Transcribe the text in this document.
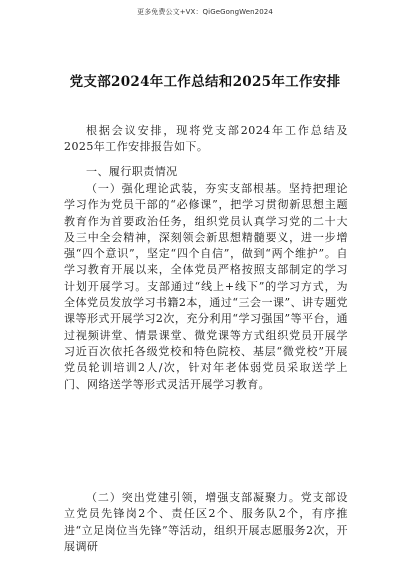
更多免费公文+VX：QiGeGongWen2024
党支部2024年工作总结和2025年工作安排

根据会议安排，现将党支部2024年工作总结及2025年工作安排报告如下。

一、履行职责情况

（一）强化理论武装，夯实支部根基。坚持把理论学习作为党员干部的“必修课”，把学习贯彻新思想主题教育作为首要政治任务，组织党员认真学习党的二十大及三中全会精神，深刻领会新思想精髓要义，进一步增强“四个意识”，坚定“四个自信”，做到“两个维护”。自学习教育开展以来，全体党员严格按照支部制定的学习计划开展学习。支部通过“线上+线下”的学习方式，为全体党员发放学习书籍2本，通过“三会一课”、讲专题党课等形式开展学习2次，充分利用“学习强国”等平台，通过视频讲堂、情景课堂、微党课等方式组织党员开展学习近百次依托各级党校和特色院校、基层“微党校”开展党员轮训培训2人/次，针对年老体弱党员采取送学上门、网络送学等形式灵活开展学习教育。

（二）突出党建引领，增强支部凝聚力。党支部设立党员先锋岗2个、责任区2个、服务队2个，有序推进“立足岗位当先锋”等活动，组织开展志愿服务2次，开展调研
